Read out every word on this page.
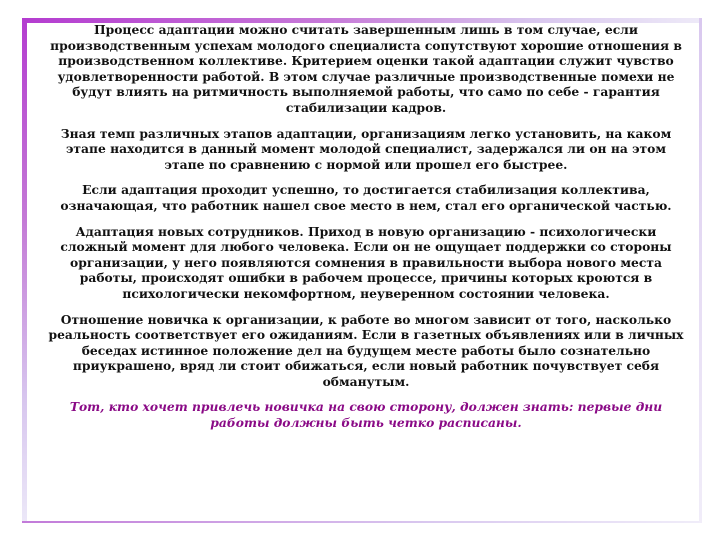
Процесс адаптации можно считать завершенным лишь в том случае, если производственным успехам молодого специалиста сопутствуют хорошие отношения в производственном коллективе. Критерием оценки такой адаптации служит чувство удовлетворенности работой. В этом случае различные производственные помехи не будут влиять на ритмичность выполняемой работы, что само по себе - гарантия стабилизации кадров.

Зная темп различных этапов адаптации, организациям легко установить, на каком этапе находится в данный момент молодой специалист, задержался ли он на этом этапе по сравнению с нормой или прошел его быстрее.

Если адаптация проходит успешно, то достигается стабилизация коллектива, означающая, что работник нашел свое место в нем, стал его органической частью.

Адаптация новых сотрудников. Приход в новую организацию - психологически сложный момент для любого человека. Если он не ощущает поддержки со стороны организации, у него появляются сомнения в правильности выбора нового места работы, происходят ошибки в рабочем процессе, причины которых кроются в психологически некомфортном, неуверенном состоянии человека.

Отношение новичка к организации, к работе во многом зависит от того, насколько реальность соответствует его ожиданиям. Если в газетных объявлениях или в личных беседах истинное положение дел на будущем месте работы было сознательно приукрашено, вряд ли стоит обижаться, если новый работник почувствует себя обманутым.

Тот, кто хочет привлечь новичка на свою сторону, должен знать: первые дни работы должны быть четко расписаны.
